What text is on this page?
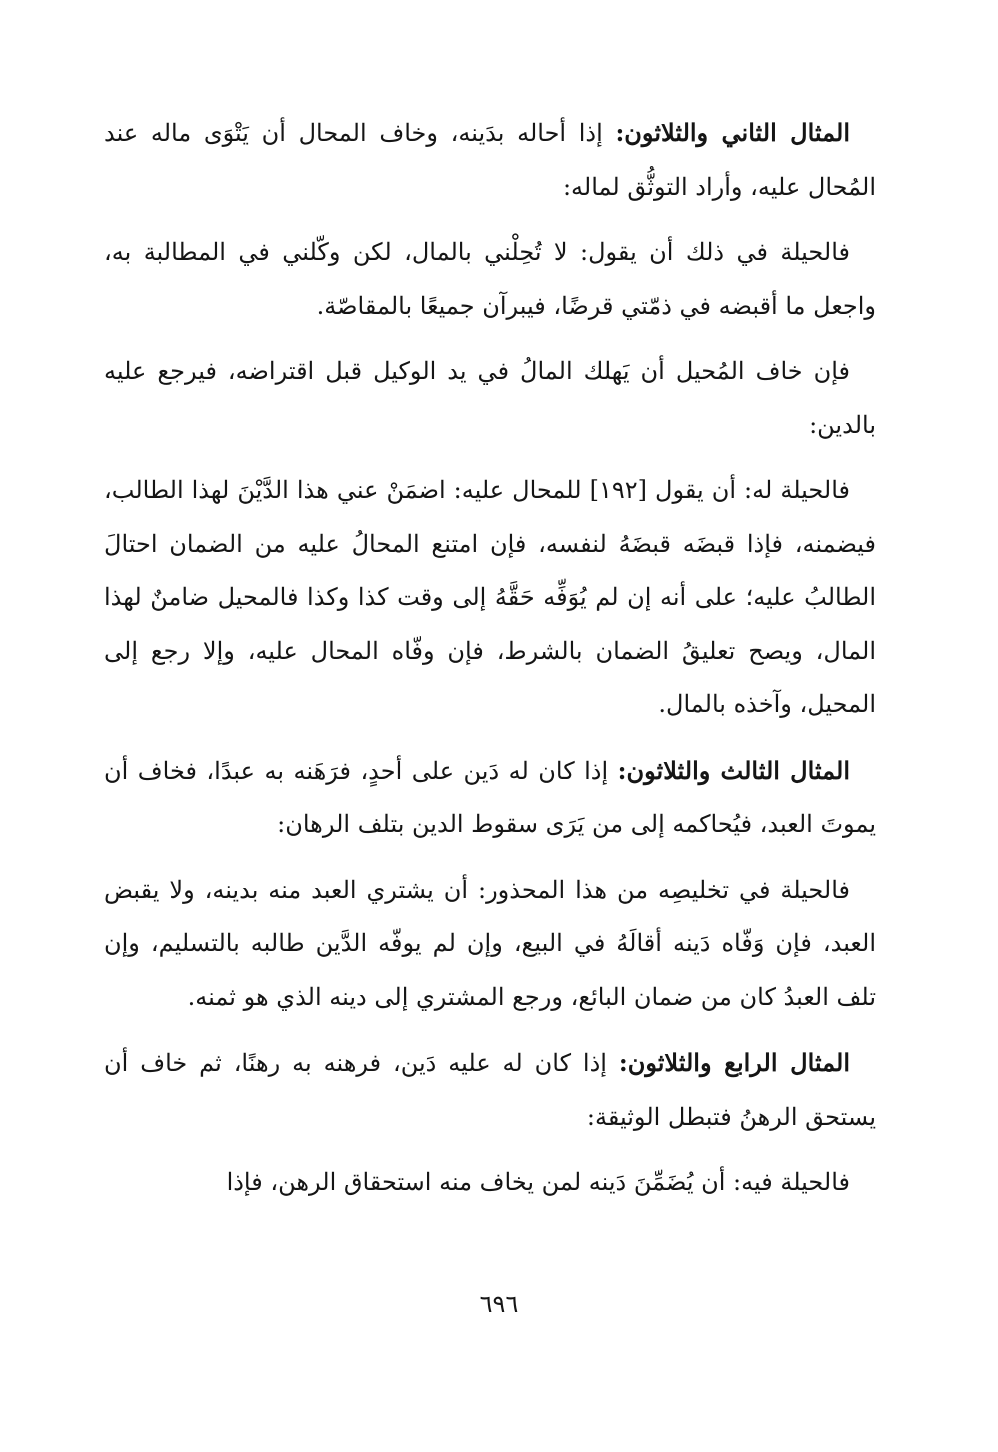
المثال الثاني والثلاثون: إذا أحاله بدَينه، وخاف المحال أن يَتْوَى ماله عند المُحال عليه، وأراد التوثُّق لماله:

فالحيلة في ذلك أن يقول: لا تُحِلْني بالمال، لكن وكّلني في المطالبة به، واجعل ما أقبضه في ذمّتي قرضًا، فيبرآن جميعًا بالمقاصّة.

فإن خاف المُحيل أن يَهلك المالُ في يد الوكيل قبل اقتراضه، فيرجع عليه بالدين:

فالحيلة له: أن يقول [١٩٢] للمحال عليه: اضمَنْ عني هذا الدَّيْنَ لهذا الطالب، فيضمنه، فإذا قبضَه قبضَهُ لنفسه، فإن امتنع المحالُ عليه من الضمان احتالَ الطالبُ عليه؛ على أنه إن لم يُوَفِّه حَقَّهُ إلى وقت كذا وكذا فالمحيل ضامنٌ لهذا المال، ويصح تعليقُ الضمان بالشرط، فإن وفّاه المحال عليه، وإلا رجع إلى المحيل، وآخذه بالمال.

المثال الثالث والثلاثون: إذا كان له دَين على أحدٍ، فرَهَنه به عبدًا، فخاف أن يموتَ العبد، فيُحاكمه إلى من يَرَى سقوط الدين بتلف الرهان:

فالحيلة في تخليصِه من هذا المحذور: أن يشتري العبد منه بدينه، ولا يقبض العبد، فإن وَفّاه دَينه أقالَهُ في البيع، وإن لم يوفّه الدَّين طالبه بالتسليم، وإن تلف العبدُ كان من ضمان البائع، ورجع المشتري إلى دينه الذي هو ثمنه.

المثال الرابع والثلاثون: إذا كان له عليه دَين، فرهنه به رهنًا، ثم خاف أن يستحق الرهنُ فتبطل الوثيقة:

فالحيلة فيه: أن يُضَمِّنَ دَينه لمن يخاف منه استحقاق الرهن، فإذا

٦٩٦
